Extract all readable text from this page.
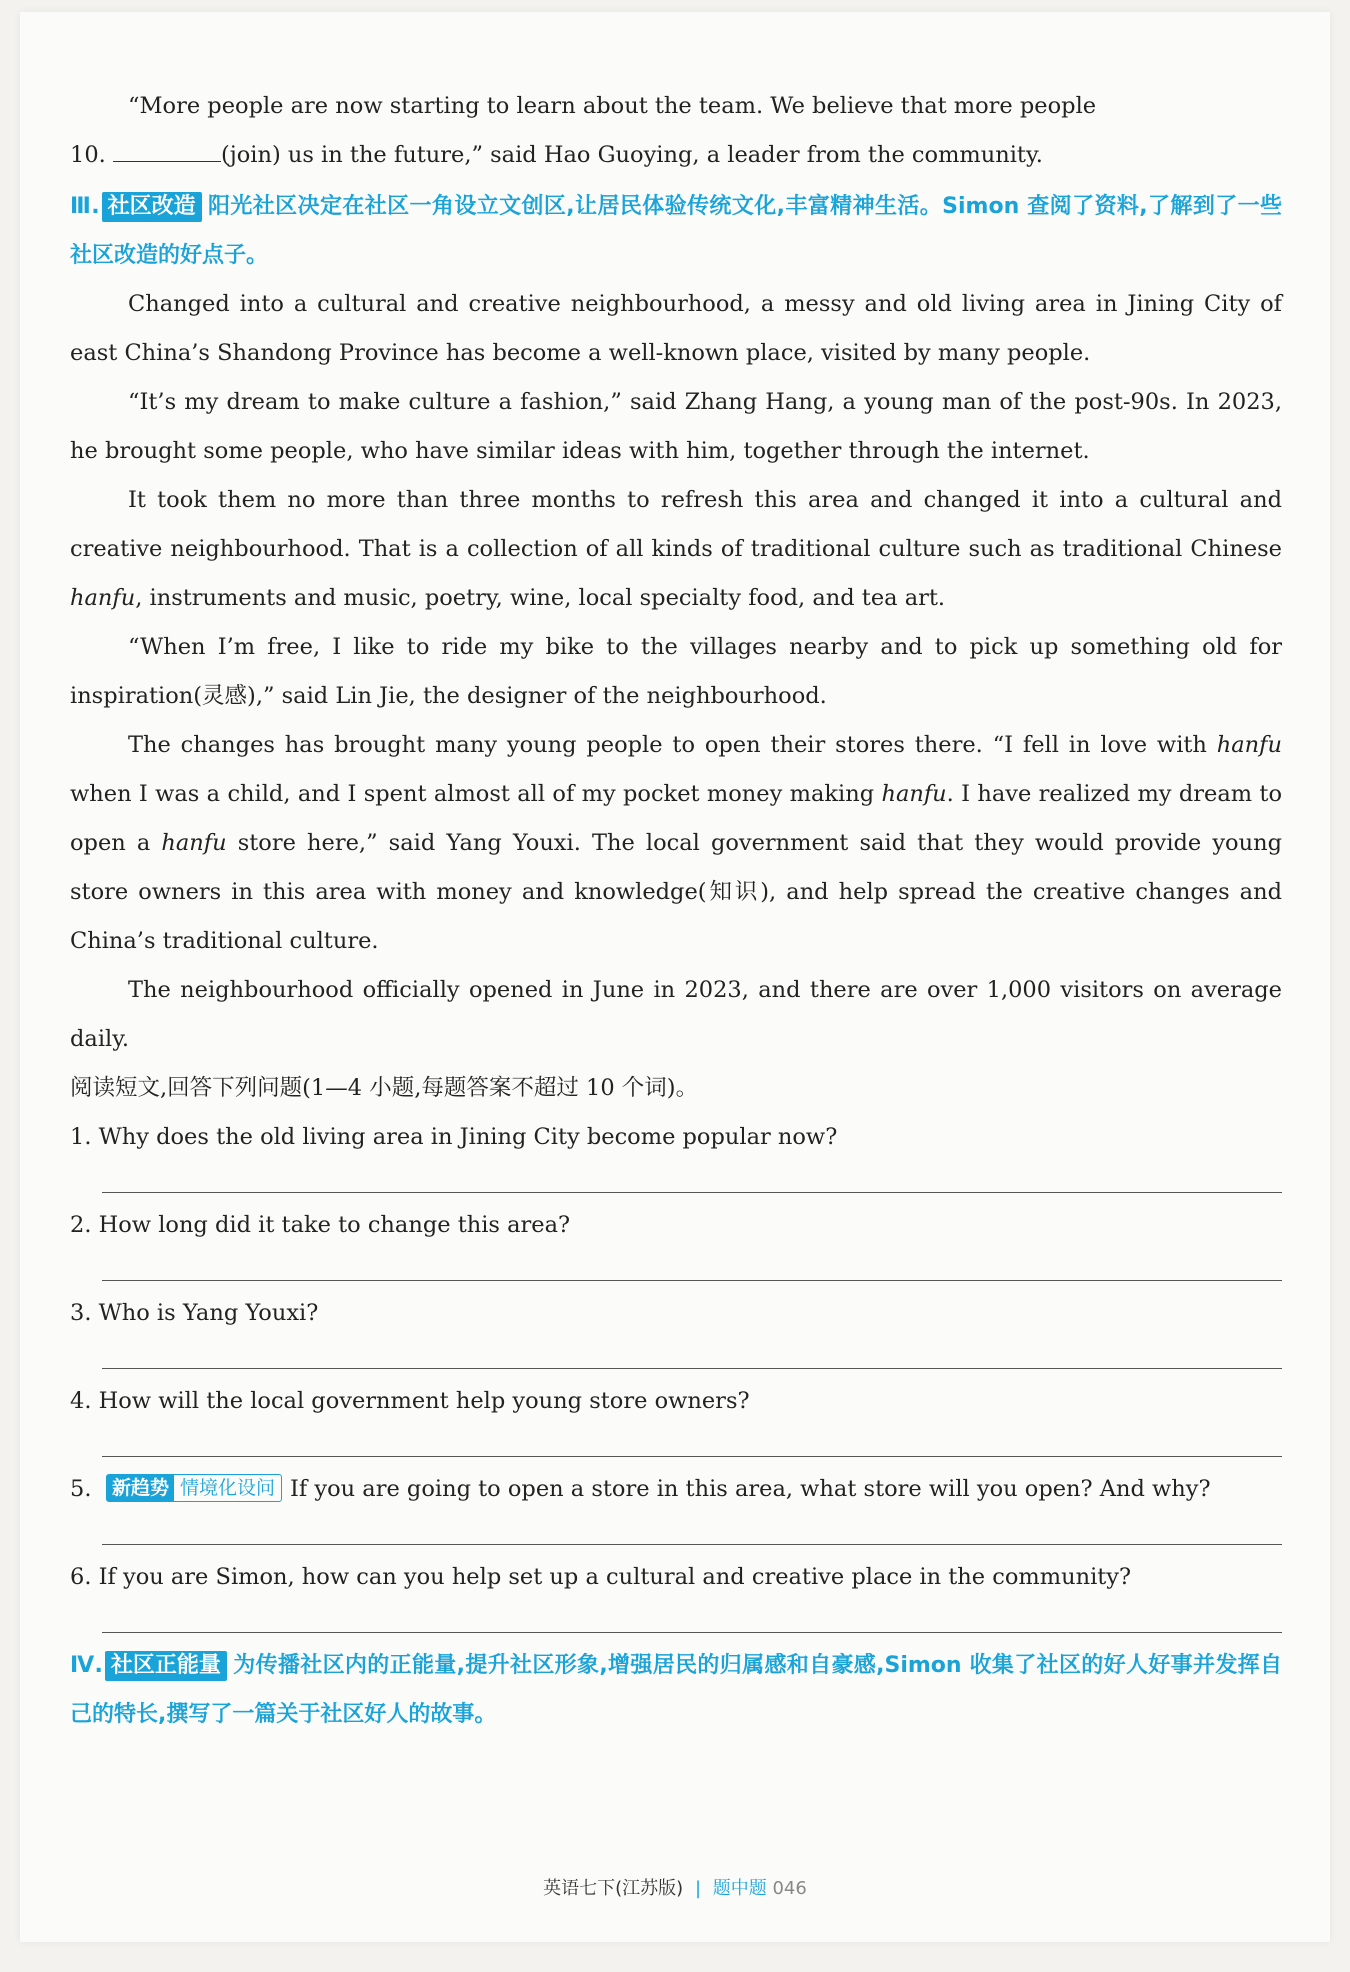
“More people are now starting to learn about the team. We believe that more people

10.	(join) us in the future,” said Hao Guoying, a leader from the community.

Ⅲ. 社区改造 阳光社区决定在社区一角设立文创区,让居民体验传统文化,丰富精神生活。Simon 查阅了资料,了解到了一些社区改造的好点子。

Changed into a cultural and creative neighbourhood, a messy and old living area in Jining City of east China’s Shandong Province has become a well-known place, visited by many people.

“It’s my dream to make culture a fashion,” said Zhang Hang, a young man of the post-90s. In 2023, he brought some people, who have similar ideas with him, together through the internet.

It took them no more than three months to refresh this area and changed it into a cultural and creative neighbourhood. That is a collection of all kinds of traditional culture such as traditional Chinese hanfu, instruments and music, poetry, wine, local specialty food, and tea art.

“When I’m free, I like to ride my bike to the villages nearby and to pick up something old for inspiration(灵感),” said Lin Jie, the designer of the neighbourhood.

The changes has brought many young people to open their stores there. “I fell in love with hanfu when I was a child, and I spent almost all of my pocket money making hanfu. I have realized my dream to open a hanfu store here,” said Yang Youxi. The local government said that they would provide young store owners in this area with money and knowledge(知识), and help spread the creative changes and China’s traditional culture.

The neighbourhood officially opened in June in 2023, and there are over 1,000 visitors on average daily.

阅读短文,回答下列问题(1—4 小题,每题答案不超过 10 个词)。

1. Why does the old living area in Jining City become popular now?

2. How long did it take to change this area?

3. Who is Yang Youxi?

4. How will the local government help young store owners?

5. 新趋势 情境化设问 If you are going to open a store in this area, what store will you open? And why?

6. If you are Simon, how can you help set up a cultural and creative place in the community?

Ⅳ. 社区正能量 为传播社区内的正能量,提升社区形象,增强居民的归属感和自豪感,Simon 收集了社区的好人好事并发挥自己的特长,撰写了一篇关于社区好人的故事。

英语七下(江苏版) | 题中题 046
